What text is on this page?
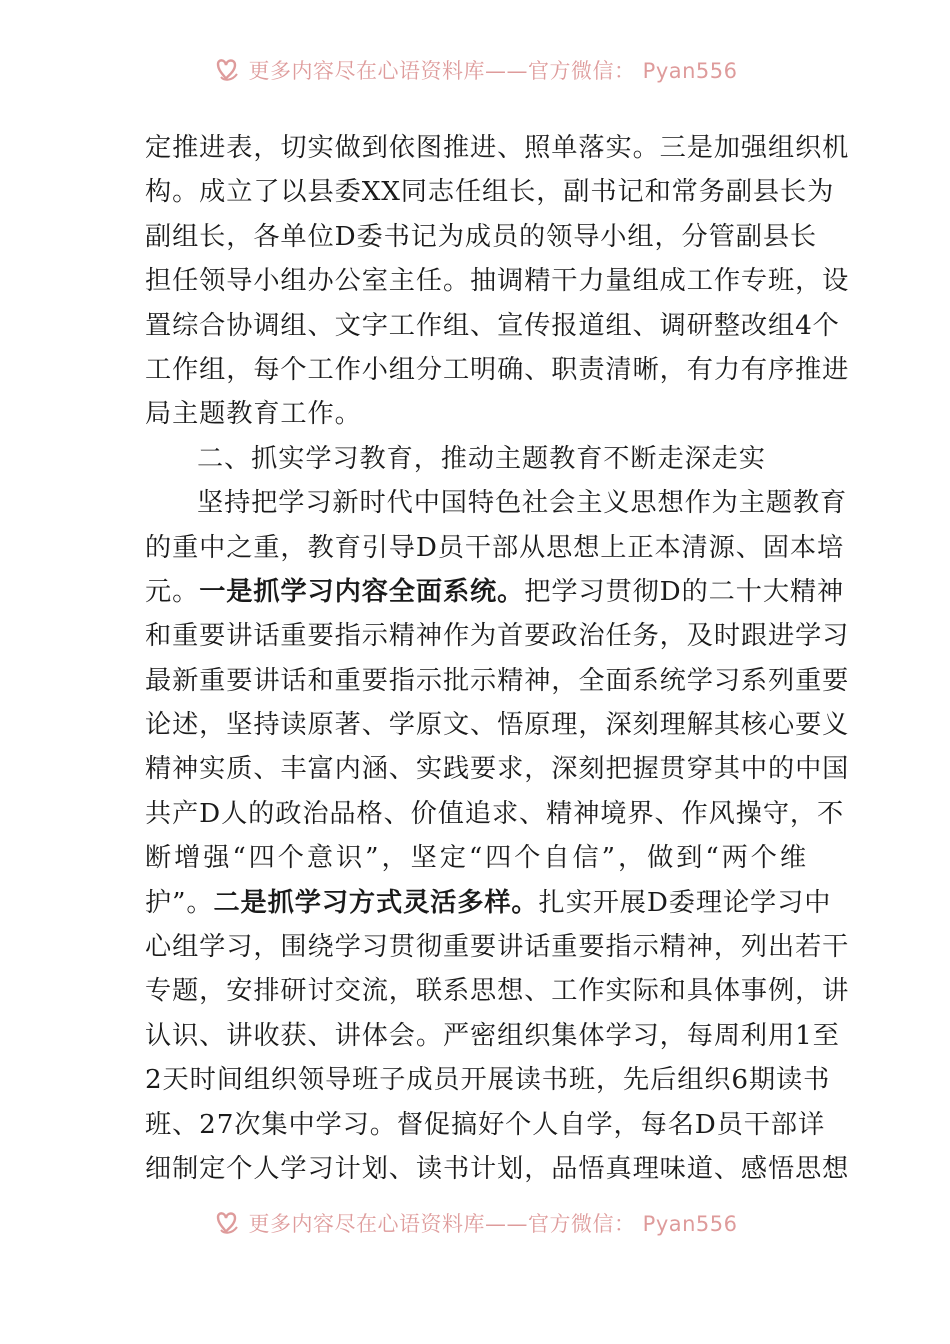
更多内容尽在心语资料库——官方微信： Pyan556
定推进表，切实做到依图推进、照单落实。三是加强组织机
构。成立了以县委XX同志任组长，副书记和常务副县长为
副组长，各单位D委书记为成员的领导小组，分管副县长
担任领导小组办公室主任。抽调精干力量组成工作专班，设
置综合协调组、文字工作组、宣传报道组、调研整改组4个
工作组，每个工作小组分工明确、职责清晰，有力有序推进
局主题教育工作。
二、抓实学习教育，推动主题教育不断走深走实
坚持把学习新时代中国特色社会主义思想作为主题教育
的重中之重，教育引导D员干部从思想上正本清源、固本培
元。一是抓学习内容全面系统。把学习贯彻D的二十大精神
和重要讲话重要指示精神作为首要政治任务，及时跟进学习
最新重要讲话和重要指示批示精神，全面系统学习系列重要
论述，坚持读原著、学原文、悟原理，深刻理解其核心要义
精神实质、丰富内涵、实践要求，深刻把握贯穿其中的中国
共产D人的政治品格、价值追求、精神境界、作风操守，不
断增强“四个意识”，坚定“四个自信”，做到“两个维
护”。二是抓学习方式灵活多样。扎实开展D委理论学习中
心组学习，围绕学习贯彻重要讲话重要指示精神，列出若干
专题，安排研讨交流，联系思想、工作实际和具体事例，讲
认识、讲收获、讲体会。严密组织集体学习，每周利用1至
2天时间组织领导班子成员开展读书班，先后组织6期读书
班、27次集中学习。督促搞好个人自学，每名D员干部详
细制定个人学习计划、读书计划，品悟真理味道、感悟思想
更多内容尽在心语资料库——官方微信： Pyan556
